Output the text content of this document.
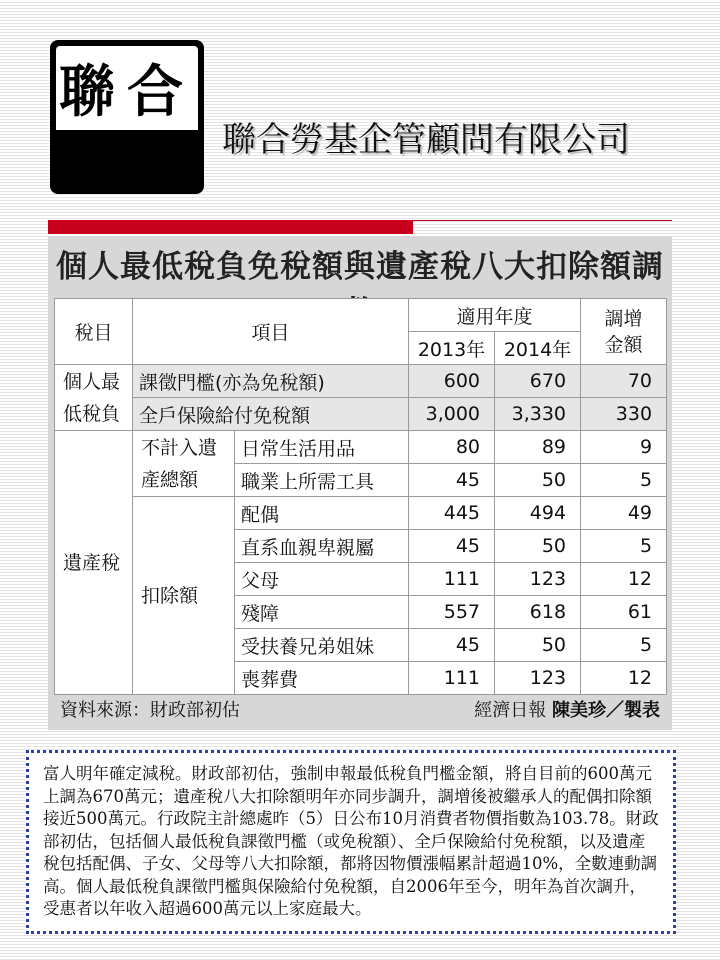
聯合
聯合勞基企管顧問有限公司
個人最低稅負免稅額與遺產稅八大扣除額調
稅目	項目		適用年度		調增
金額

			2013年	2014年	

個人最
低稅負	課徵門檻(亦為免稅額)		600	670	70
	全戶保險給付免稅額		3,000	3,330	330
遺產稅	不計入遺
產總額	日常生活用品	80	89	9
		職業上所需工具	45	50	5
	扣除額	配偶	445	494	49
		直系血親卑親屬	45	50	5
		父母	111	123	12
		殘障	557	618	61
		受扶養兄弟姐妹	45	50	5
		喪葬費	111	123	12
資料來源：財政部初估	經濟日報 陳美珍／製表
富人明年確定減稅。財政部初估，強制申報最低稅負門檻金額，將自目前的600萬元上調為670萬元；遺產稅八大扣除額明年亦同步調升，調增後被繼承人的配偶扣除額接近500萬元。行政院主計總處昨（5）日公布10月消費者物價指數為103.78。財政部初估，包括個人最低稅負課徵門檻（或免稅額）、全戶保險給付免稅額，以及遺產稅包括配偶、子女、父母等八大扣除額，都將因物價漲幅累計超過10%，全數連動調高。個人最低稅負課徵門檻與保險給付免稅額，自2006年至今，明年為首次調升，受惠者以年收入超過600萬元以上家庭最大。
